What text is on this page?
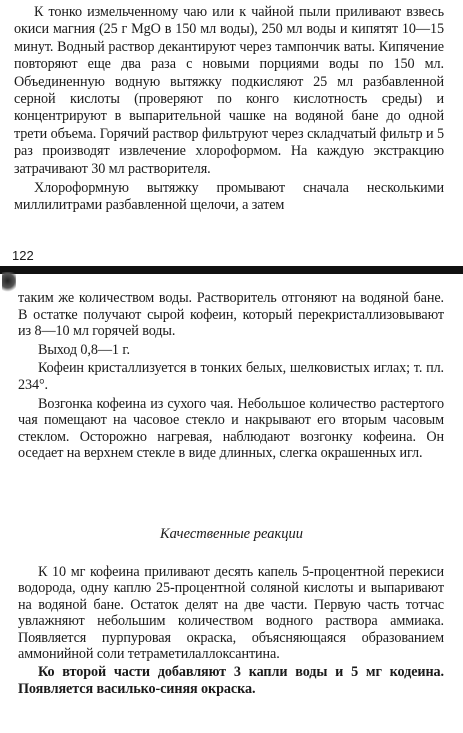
К тонко измельченному чаю или к чайной пыли приливают взвесь окиси магния (25 г MgO в 150 мл воды), 250 мл воды и кипятят 10—15 минут. Водный раствор декантируют через тампончик ваты. Кипячение повторяют еще два раза с новыми порциями воды по 150 мл. Объединенную водную вытяжку подкисляют 25 мл разбавленной серной кислоты (проверяют по конго кислотность среды) и концентрируют в выпарительной чашке на водяной бане до одной трети объема. Горячий раствор фильтруют через складчатый фильтр и 5 раз производят извлечение хлороформом. На каждую экстракцию затрачивают 30 мл растворителя.

Хлороформную вытяжку промывают сначала несколькими миллилитрами разбавленной щелочи, а затем

122

таким же количеством воды. Растворитель отгоняют на водяной бане. В остатке получают сырой кофеин, который перекристаллизовывают из 8—10 мл горячей воды.

Выход 0,8—1 г.

Кофеин кристаллизуется в тонких белых, шелковистых иглах; т. пл. 234°.

Возгонка кофеина из сухого чая. Небольшое количество растертого чая помещают на часовое стекло и накрывают его вторым часовым стеклом. Осторожно нагревая, наблюдают возгонку кофеина. Он оседает на верхнем стекле в виде длинных, слегка окрашенных игл.

Качественные реакции

К 10 мг кофеина приливают десять капель 5-процентной перекиси водорода, одну каплю 25-процентной соляной кислоты и выпаривают на водяной бане. Остаток делят на две части. Первую часть тотчас увлажняют небольшим количеством водного раствора аммиака. Появляется пурпуровая окраска, объясняющаяся образованием аммонийной соли тетраметилаллоксантина.

Ко второй части добавляют 3 капли воды и 5 мг кодеина. Появляется василько-синяя окраска.
